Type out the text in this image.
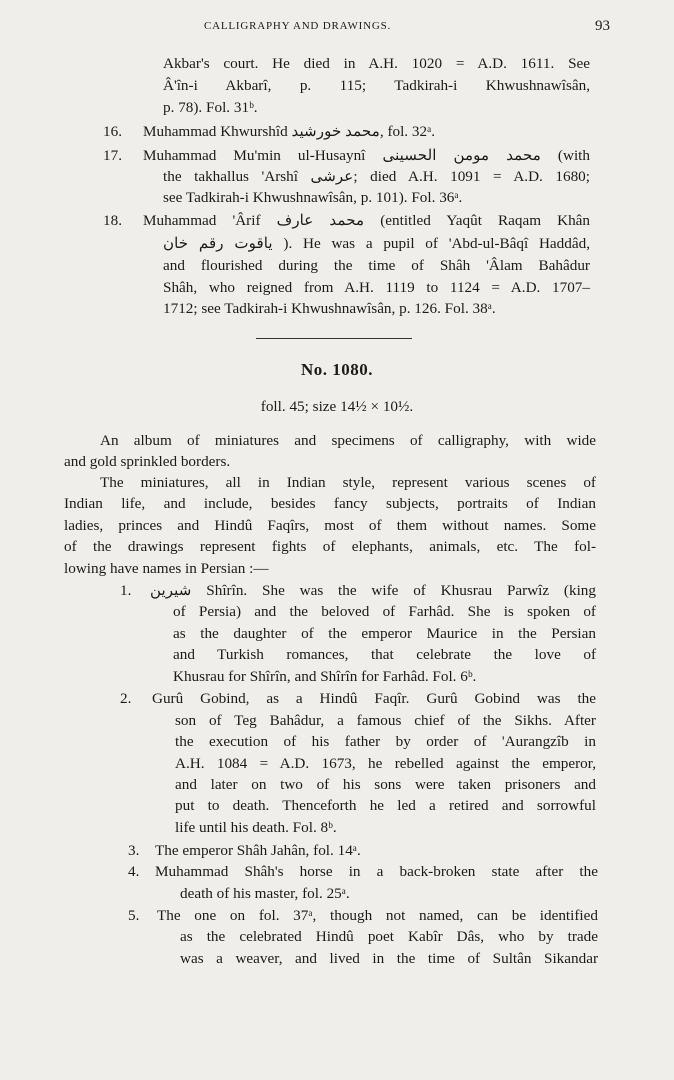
CALLIGRAPHY AND DRAWINGS.	93
Akbar's court. He died in A.H. 1020 = A.D. 1611. See
Â'în-i Akbarî, p. 115; Tadkirah-i Khwushnawîsân,
p. 78). Fol. 31ᵇ.
16. Muhammad Khwurshîd محمد خورشید, fol. 32ᵃ.
17. Muhammad Mu'min ul-Husaynî محمد مومن الحسینی (with
the takhallus 'Arshî عرشی; died A.H. 1091 = A.D. 1680;
see Tadkirah-i Khwushnawîsân, p. 101). Fol. 36ᵃ.
18. Muhammad 'Ârif محمد عارف (entitled Yaqût Raqam Khân
یاقوت رقم خان ). He was a pupil of 'Abd-ul-Bâqî Haddâd,
and flourished during the time of Shâh 'Âlam Bahâdur
Shâh, who reigned from A.H. 1119 to 1124 = A.D. 1707–
1712; see Tadkirah-i Khwushnawîsân, p. 126. Fol. 38ᵃ.
No. 1080.
foll. 45; size 14½ × 10½.
An album of miniatures and specimens of calligraphy, with wide
and gold sprinkled borders.
The miniatures, all in Indian style, represent various scenes of
Indian life, and include, besides fancy subjects, portraits of Indian
ladies, princes and Hindû Faqîrs, most of them without names. Some
of the drawings represent fights of elephants, animals, etc. The fol-
lowing have names in Persian :—
1. شیرین Shîrîn. She was the wife of Khusrau Parwîz (king
of Persia) and the beloved of Farhâd. She is spoken of
as the daughter of the emperor Maurice in the Persian
and Turkish romances, that celebrate the love of
Khusrau for Shîrîn, and Shîrîn for Farhâd. Fol. 6ᵇ.
2. Gurû Gobind, as a Hindû Faqîr. Gurû Gobind was the
son of Teg Bahâdur, a famous chief of the Sikhs. After
the execution of his father by order of 'Aurangzîb in
A.H. 1084 = A.D. 1673, he rebelled against the emperor,
and later on two of his sons were taken prisoners and
put to death. Thenceforth he led a retired and sorrowful
life until his death. Fol. 8ᵇ.
3. The emperor Shâh Jahân, fol. 14ᵃ.
4. Muhammad Shâh's horse in a back-broken state after the
death of his master, fol. 25ᵃ.
5. The one on fol. 37ᵃ, though not named, can be identified
as the celebrated Hindû poet Kabîr Dâs, who by trade
was a weaver, and lived in the time of Sultân Sikandar
